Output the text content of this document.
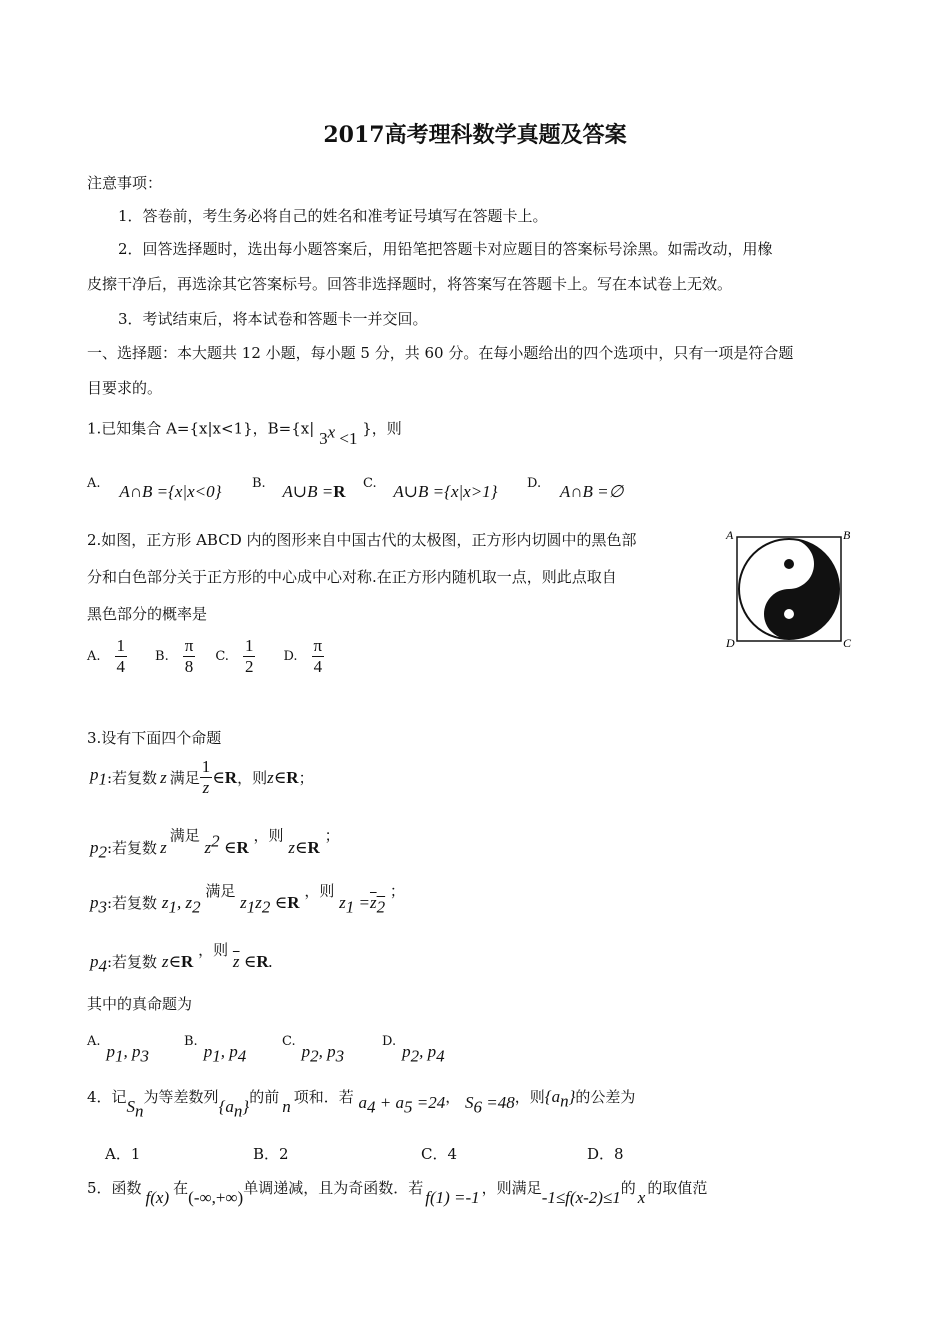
2017高考理科数学真题及答案
注意事项：
1．答卷前，考生务必将自己的姓名和准考证号填写在答题卡上。
2．回答选择题时，选出每小题答案后，用铅笔把答题卡对应题目的答案标号涂黑。如需改动，用橡
皮擦干净后，再选涂其它答案标号。回答非选择题时，将答案写在答题卡上。写在本试卷上无效。
3．考试结束后，将本试卷和答题卡一并交回。
一、选择题：本大题共 12 小题，每小题 5 分，共 60 分。在每小题给出的四个选项中，只有一项是符合题
目要求的。
1.已知集合 A={x|x<1}，B={x| $3^x <1$ }，则
A. A∩B ={x|x<0} B. A∪B =R C. A∪B ={x|x>1} D. A∩B =∅
2.如图，正方形 ABCD 内的图形来自中国古代的太极图，正方形内切圆中的黑色部
分和白色部分关于正方形的中心成中心对称.在正方形内随机取一点，则此点取自
黑色部分的概率是
A. $\frac{1}{4} B$. $\frac{\pi}{8} C$. $\frac{1}{2} D$. $\frac{\pi}{4}$
A	B
C
D
3.设有下面四个命题
$p_1$ :若复数 z 满足 $\frac{1}{z}$ ∈ R ，则 z∈ R ；
$p_2$:若复数 z满足 $z^2$ ∈R ，则 z∈R ；
$p_3$:若复数 $z_1$, $z_2$ 满足 $z_1z_2$ ∈R ，则 $z_1 =z_2$ ；
$p_4$:若复数 z∈R ，则 $\overline{z}$ ∈R.
其中的真命题为
$A.p_1$, $p_3$
$B.p_1$, $p_4$
$C.p_2$, $p_3$
$D.p_2$, $p_4$
4．记$S_n$为等差数列$\{a_n\}$的前 n 项和．若 $a_4 + a_5 =24$， $S_6 =48$，则$\{a_n\}$的公差为
A．1	B．2	C．4	D．8
5．函数 f(x) 在(-∞,+∞)单调递减，且为奇函数．若 f(1) =-1 ，则满足-1≤f(x-2)≤1的 x 的取值范
